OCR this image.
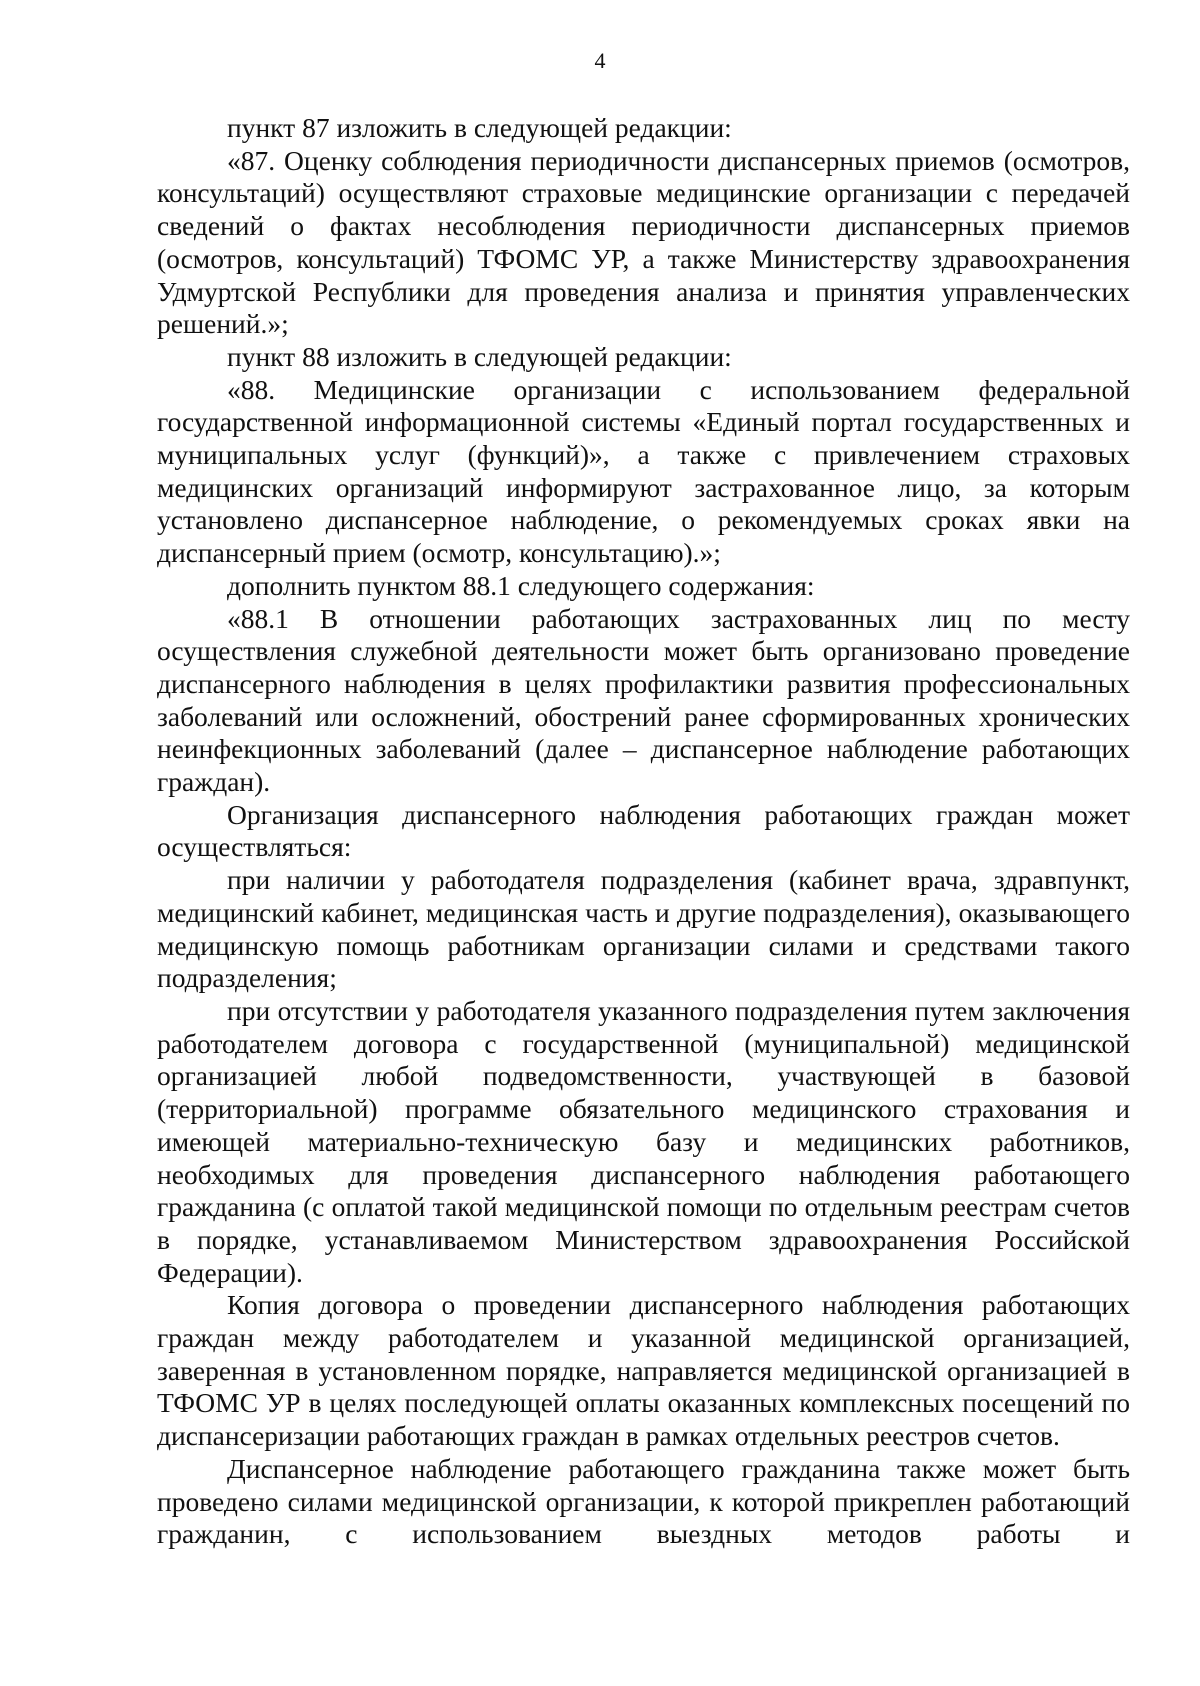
4

пункт 87 изложить в следующей редакции:

«87. Оценку соблюдения периодичности диспансерных приемов (осмотров, консультаций) осуществляют страховые медицинские организации с передачей сведений о фактах несоблюдения периодичности диспансерных приемов (осмотров, консультаций) ТФОМС УР, а также Министерству здравоохранения Удмуртской Республики для проведения анализа и принятия управленческих решений.»;

пункт 88 изложить в следующей редакции:

«88. Медицинские организации с использованием федеральной государственной информационной системы «Единый портал государственных и муниципальных услуг (функций)», а также с привлечением страховых медицинских организаций информируют застрахованное лицо, за которым установлено диспансерное наблюдение, о рекомендуемых сроках явки на диспансерный прием (осмотр, консультацию).»;

дополнить пунктом 88.1 следующего содержания:

«88.1 В отношении работающих застрахованных лиц по месту осуществления служебной деятельности может быть организовано проведение диспансерного наблюдения в целях профилактики развития профессиональных заболеваний или осложнений, обострений ранее сформированных хронических неинфекционных заболеваний (далее – диспансерное наблюдение работающих граждан).

Организация диспансерного наблюдения работающих граждан может осуществляться:

при наличии у работодателя подразделения (кабинет врача, здравпункт, медицинский кабинет, медицинская часть и другие подразделения), оказывающего медицинскую помощь работникам организации силами и средствами такого подразделения;

при отсутствии у работодателя указанного подразделения путем заключения работодателем договора с государственной (муниципальной) медицинской организацией любой подведомственности, участвующей в базовой (территориальной) программе обязательного медицинского страхования и имеющей материально-техническую базу и медицинских работников, необходимых для проведения диспансерного наблюдения работающего гражданина (с оплатой такой медицинской помощи по отдельным реестрам счетов в порядке, устанавливаемом Министерством здравоохранения Российской Федерации).

Копия договора о проведении диспансерного наблюдения работающих граждан между работодателем и указанной медицинской организацией, заверенная в установленном порядке, направляется медицинской организацией в ТФОМС УР в целях последующей оплаты оказанных комплексных посещений по диспансеризации работающих граждан в рамках отдельных реестров счетов.

Диспансерное наблюдение работающего гражданина также может быть проведено силами медицинской организации, к которой прикреплен работающий гражданин, с использованием выездных методов работы и
